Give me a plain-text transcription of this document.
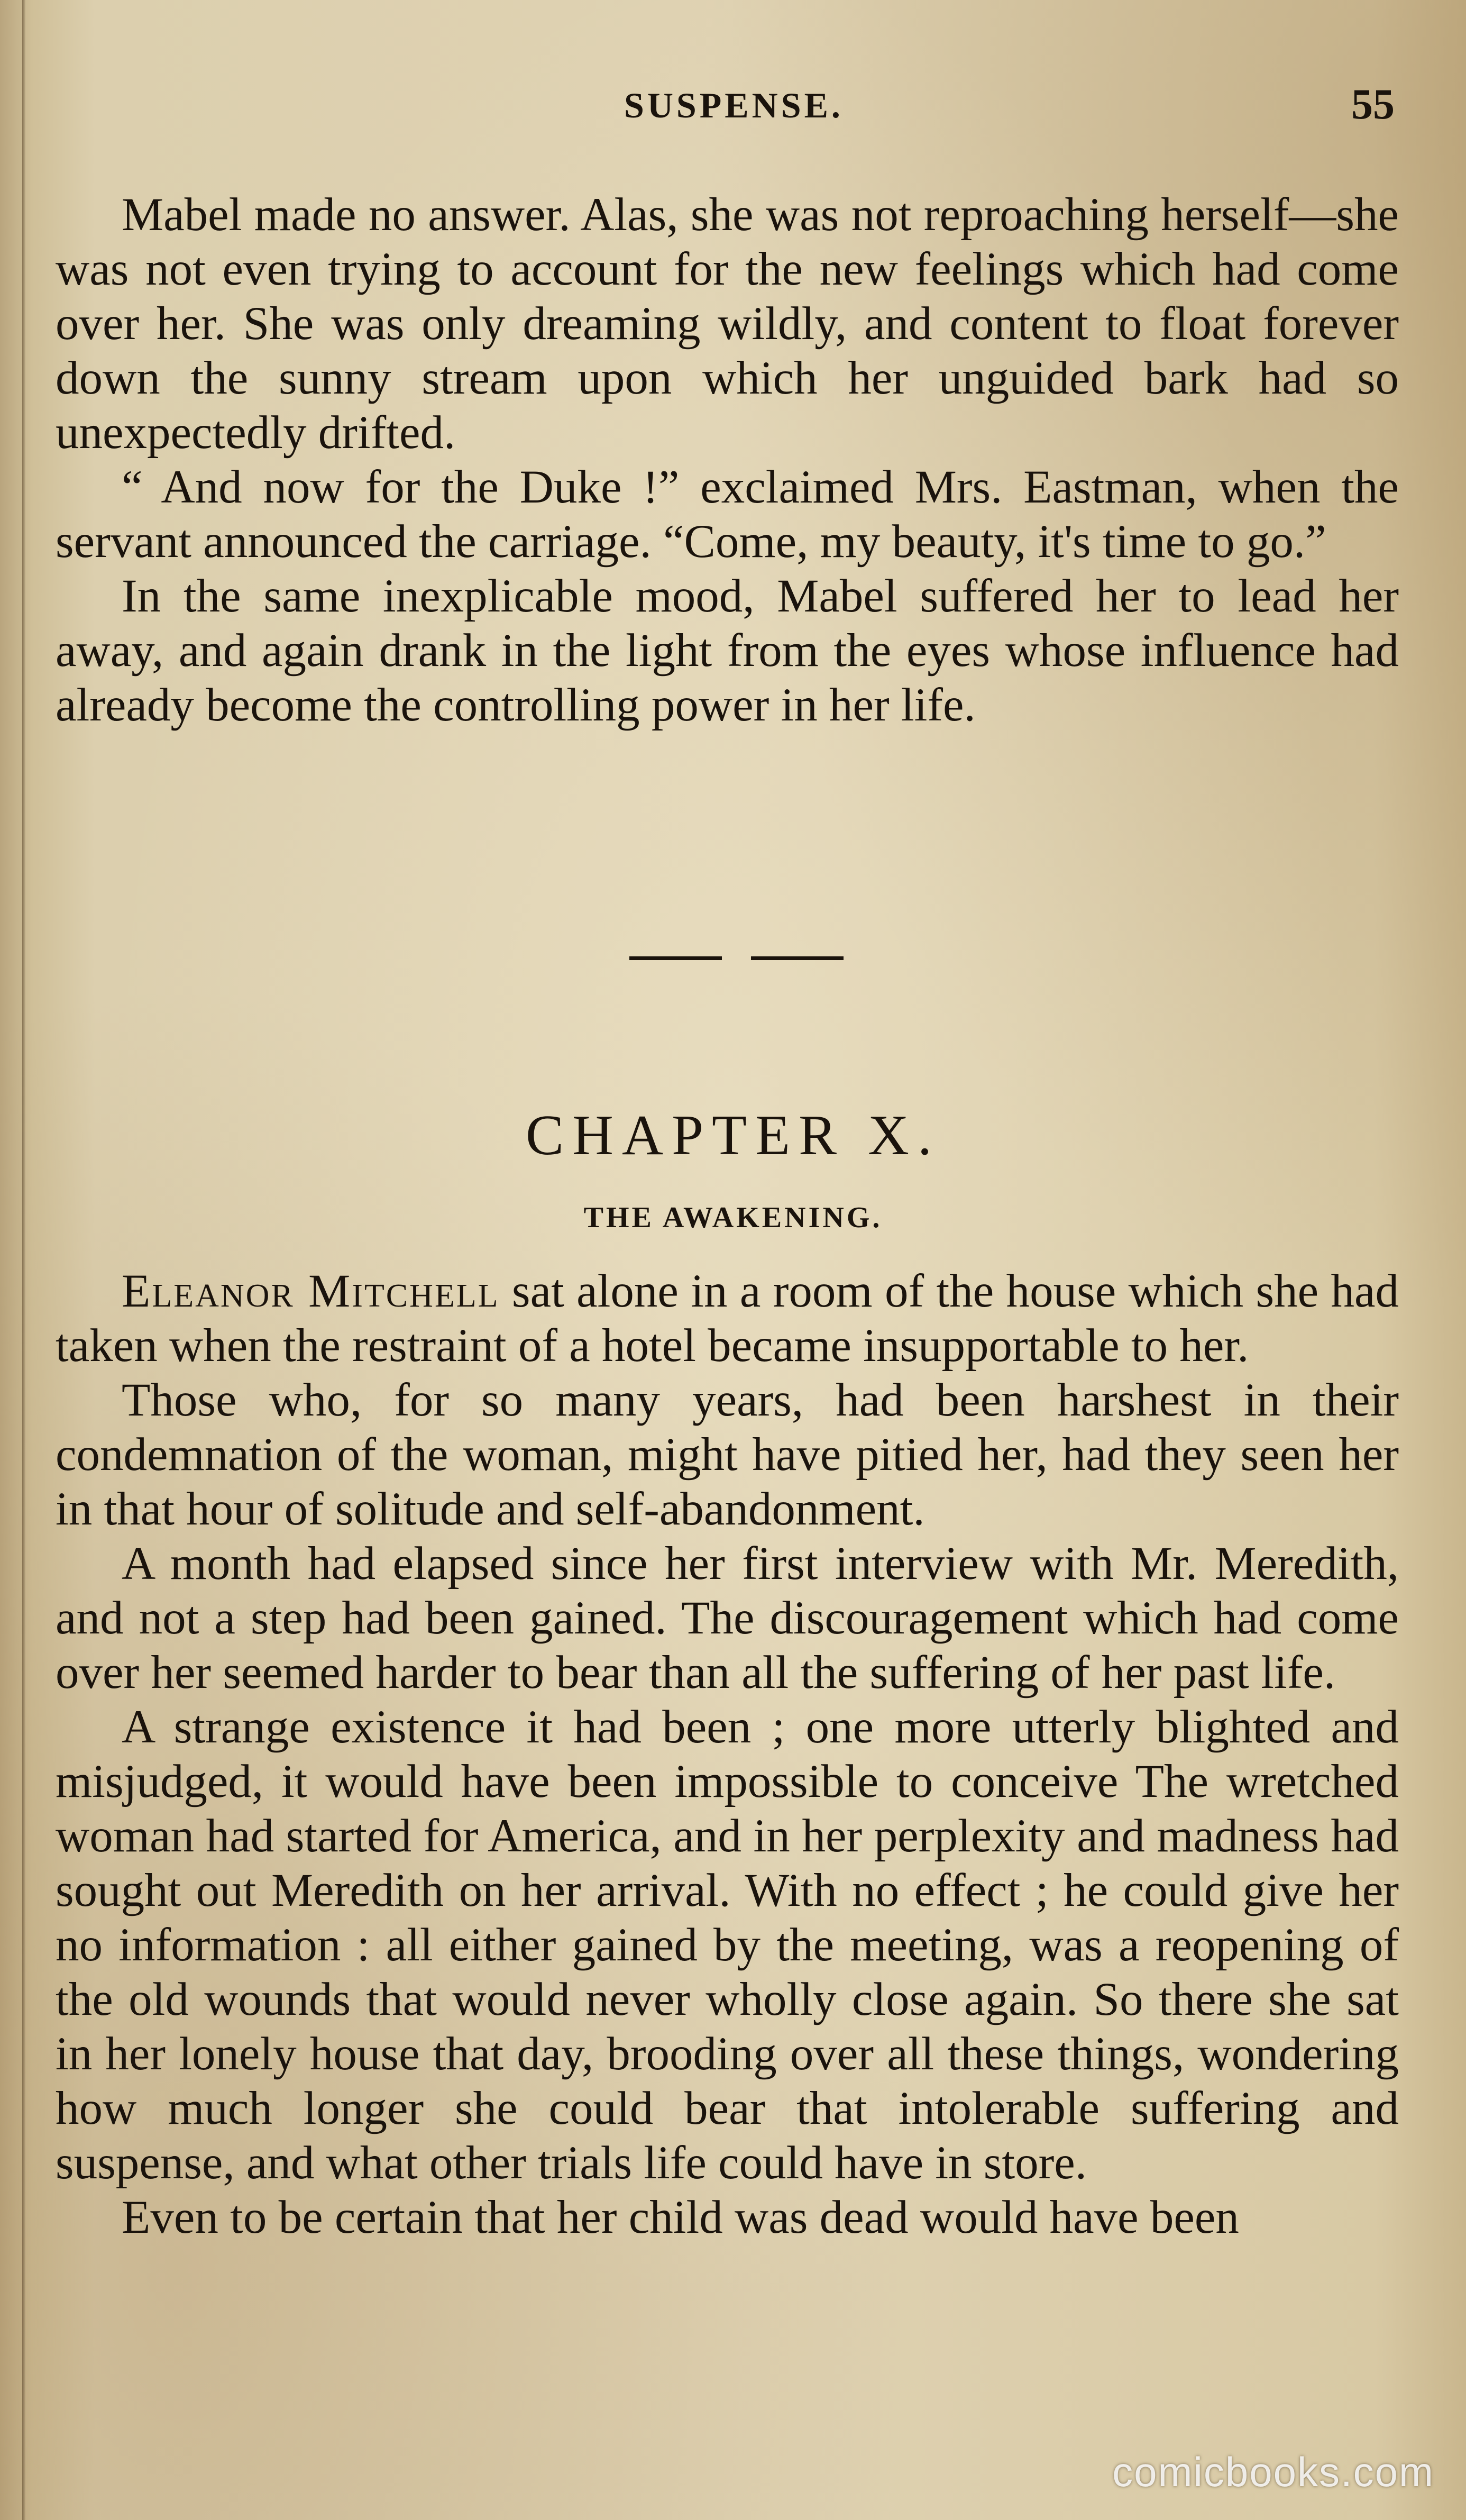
SUSPENSE.	55

Mabel made no answer. Alas, she was not reproaching herself—she was not even trying to account for the new feelings which had come over her. She was only dreaming wildly, and content to float forever down the sunny stream upon which her unguided bark had so unexpectedly drifted.

“ And now for the Duke !” exclaimed Mrs. Eastman, when the servant announced the carriage. “Come, my beauty, it's time to go.”

In the same inexplicable mood, Mabel suffered her to lead her away, and again drank in the light from the eyes whose influence had already become the controlling power in her life.

CHAPTER X.
THE AWAKENING.

Eleanor Mitchell sat alone in a room of the house which she had taken when the restraint of a hotel became insupportable to her.

Those who, for so many years, had been harshest in their condemnation of the woman, might have pitied her, had they seen her in that hour of solitude and self-abandonment.

A month had elapsed since her first interview with Mr. Meredith, and not a step had been gained. The discouragement which had come over her seemed harder to bear than all the suffering of her past life.

A strange existence it had been ; one more utterly blighted and misjudged, it would have been impossible to conceive The wretched woman had started for America, and in her perplexity and madness had sought out Meredith on her arrival. With no effect ; he could give her no information : all either gained by the meeting, was a reopening of the old wounds that would never wholly close again. So there she sat in her lonely house that day, brooding over all these things, wondering how much longer she could bear that intolerable suffering and suspense, and what other trials life could have in store.

Even to be certain that her child was dead would have been

comicbooks.com
